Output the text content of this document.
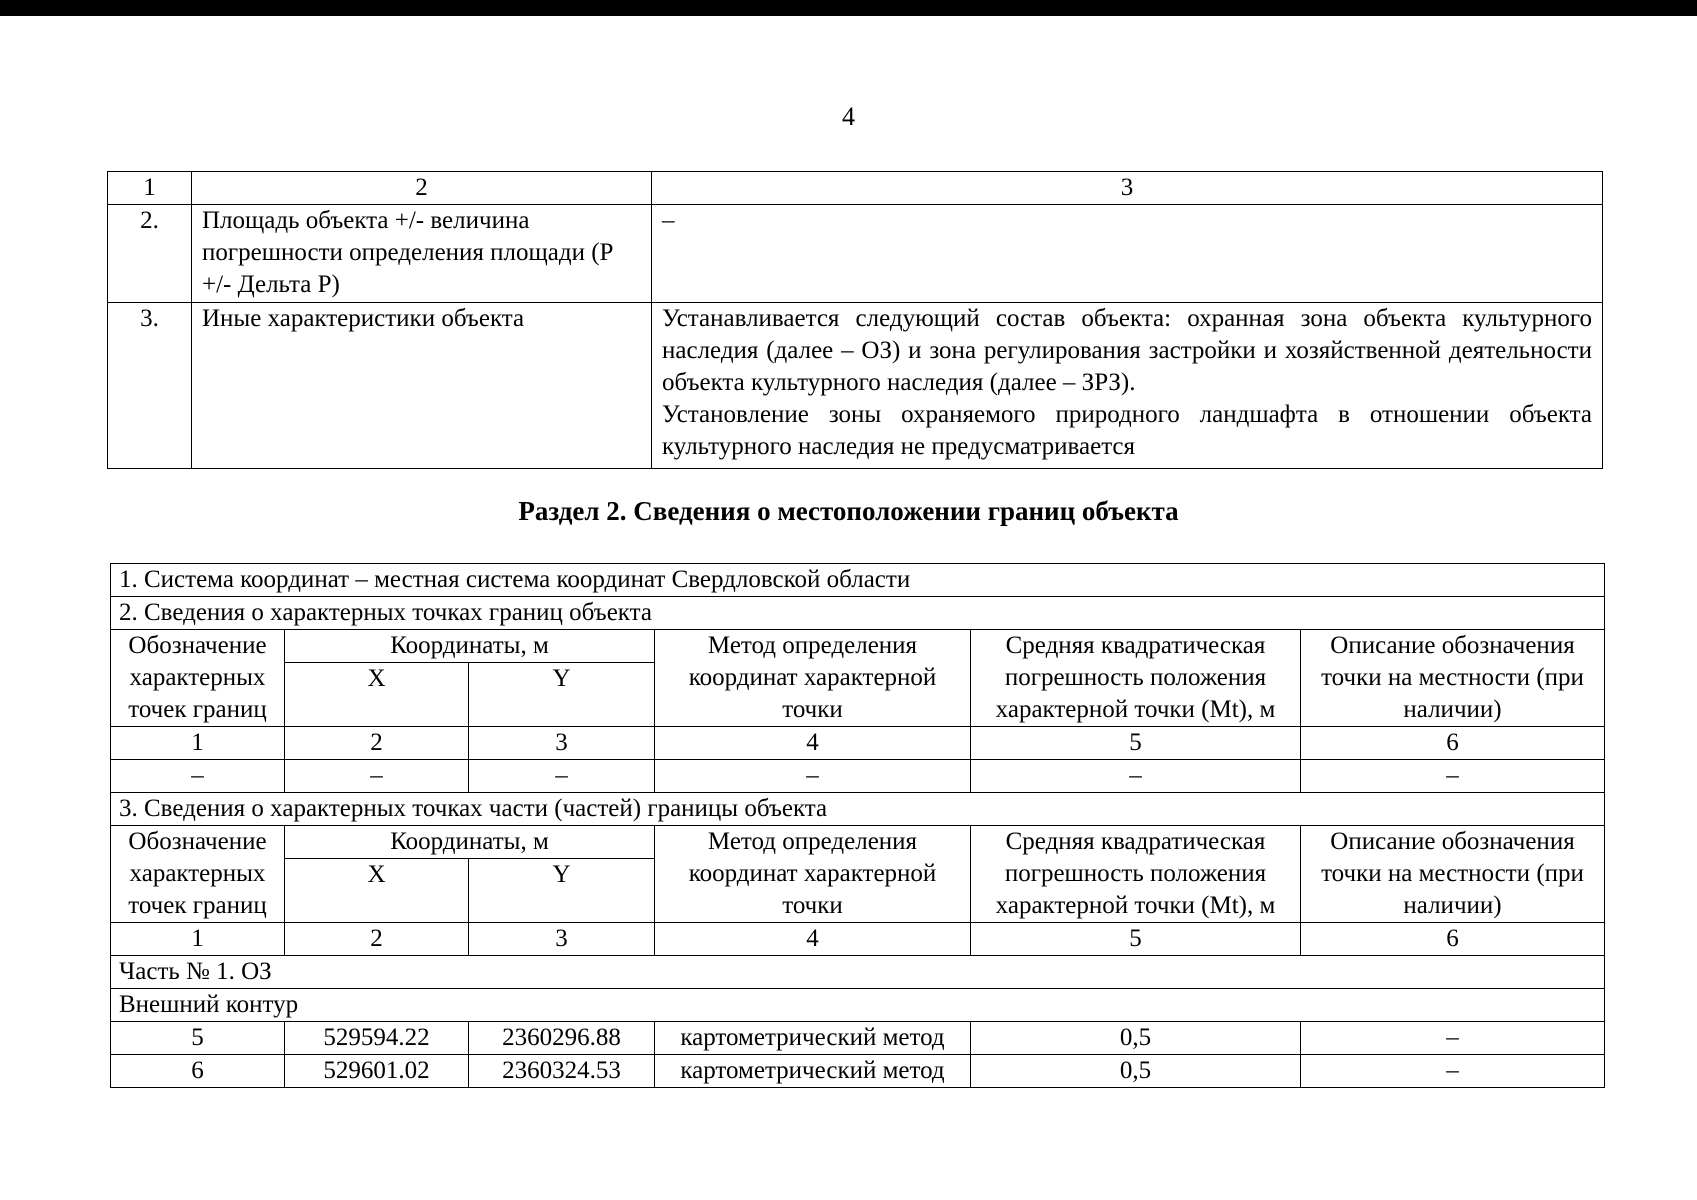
4
1	2	3
2.	Площадь объекта +/- величина погрешности определения площади (Р +/- Дельта Р)	–
3.	Иные характеристики объекта	Устанавливается следующий состав объекта: охранная зона объекта культурного наследия (далее – ОЗ) и зона регулирования застройки и хозяйственной деятельности объекта культурного наследия (далее – ЗРЗ).

Установление зоны охраняемого природного ландшафта в отношении объекта культурного наследия не предусматривается

Раздел 2. Сведения о местоположении границ объекта
1. Система координат – местная система координат Свердловской области					
2. Сведения о характерных точках границ объекта					
Обозначение характерных точек границ	Координаты, м		Метод определения координат характерной точки	Средняя квадратическая погрешность положения характерной точки (Mt), м	Описание обозначения точки на местности (при наличии)
	X	Y			
1	2	3	4	5	6
–	–	–	–	–	–
3. Сведения о характерных точках части (частей) границы объекта					
Обозначение характерных точек границ	Координаты, м		Метод определения координат характерной точки	Средняя квадратическая погрешность положения характерной точки (Mt), м	Описание обозначения точки на местности (при наличии)
	X	Y			
1	2	3	4	5	6
Часть № 1. ОЗ					
Внешний контур					
5	529594.22	2360296.88	картометрический метод	0,5	–
6	529601.02	2360324.53	картометрический метод	0,5	–
